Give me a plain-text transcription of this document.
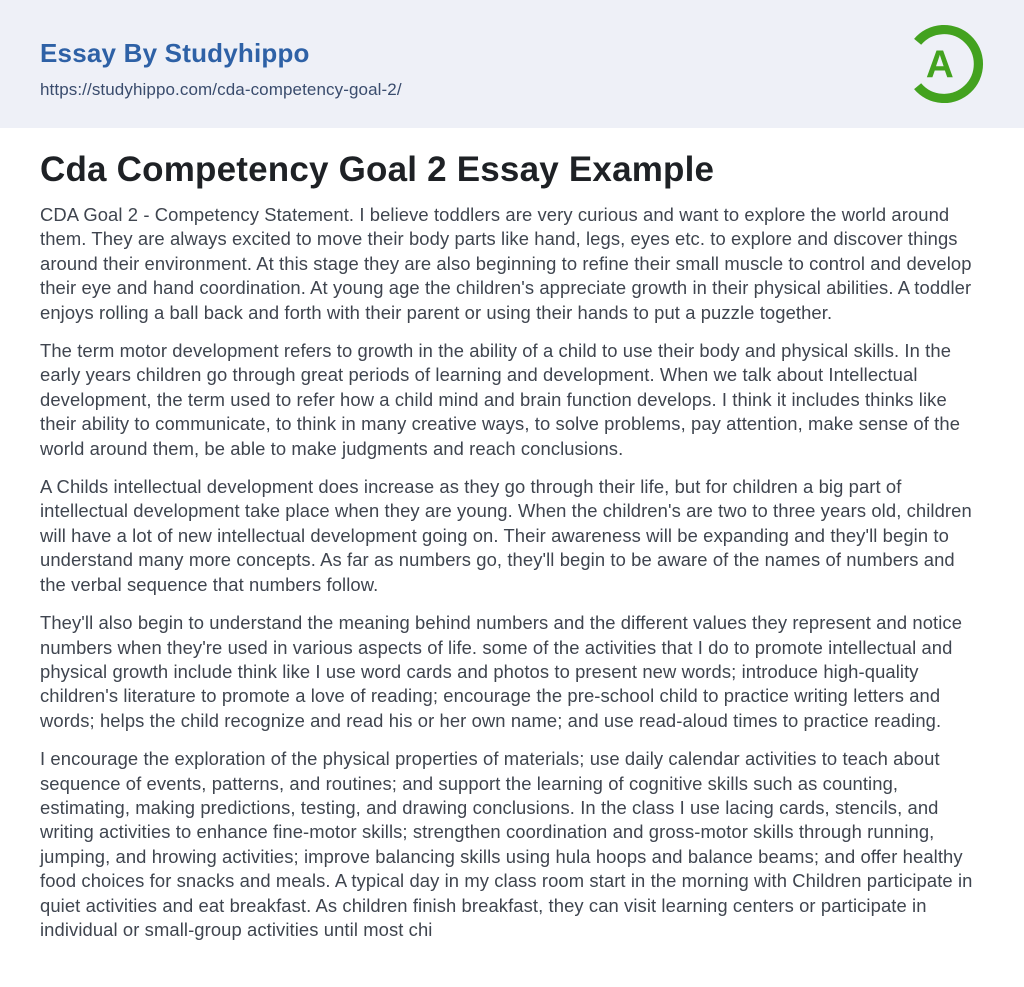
Essay By Studyhippo
https://studyhippo.com/cda-competency-goal-2/
A
Cda Competency Goal 2 Essay Example

CDA Goal 2 - Competency Statement. I believe toddlers are very curious and want to explore the world around them. They are always excited to move their body parts like hand, legs, eyes etc. to explore and discover things around their environment. At this stage they are also beginning to refine their small muscle to control and develop their eye and hand coordination. At young age the children's appreciate growth in their physical abilities. A toddler enjoys rolling a ball back and forth with their parent or using their hands to put a puzzle together.

The term motor development refers to growth in the ability of a child to use their body and physical skills. In the early years children go through great periods of learning and development. When we talk about Intellectual development, the term used to refer how a child mind and brain function develops. I think it includes thinks like their ability to communicate, to think in many creative ways, to solve problems, pay attention, make sense of the world around them, be able to make judgments and reach conclusions.

A Childs intellectual development does increase as they go through their life, but for children a big part of intellectual development take place when they are young. When the children's are two to three years old, children will have a lot of new intellectual development going on. Their awareness will be expanding and they'll begin to understand many more concepts. As far as numbers go, they'll begin to be aware of the names of numbers and the verbal sequence that numbers follow.

They'll also begin to understand the meaning behind numbers and the different values they represent and notice numbers when they're used in various aspects of life. some of the activities that I do to promote intellectual and physical growth include think like I use word cards and photos to present new words; introduce high-quality children's literature to promote a love of reading; encourage the pre-school child to practice writing letters and words; helps the child recognize and read his or her own name; and use read-aloud times to practice reading.

I encourage the exploration of the physical properties of materials; use daily calendar activities to teach about sequence of events, patterns, and routines; and support the learning of cognitive skills such as counting, estimating, making predictions, testing, and drawing conclusions. In the class I use lacing cards, stencils, and writing activities to enhance fine-motor skills; strengthen coordination and gross-motor skills through running, jumping, and hrowing activities; improve balancing skills using hula hoops and balance beams; and offer healthy food choices for snacks and meals. A typical day in my class room start in the morning with Children participate in quiet activities and eat breakfast. As children finish breakfast, they can visit learning centers or participate in individual or small-group activities until most chi
